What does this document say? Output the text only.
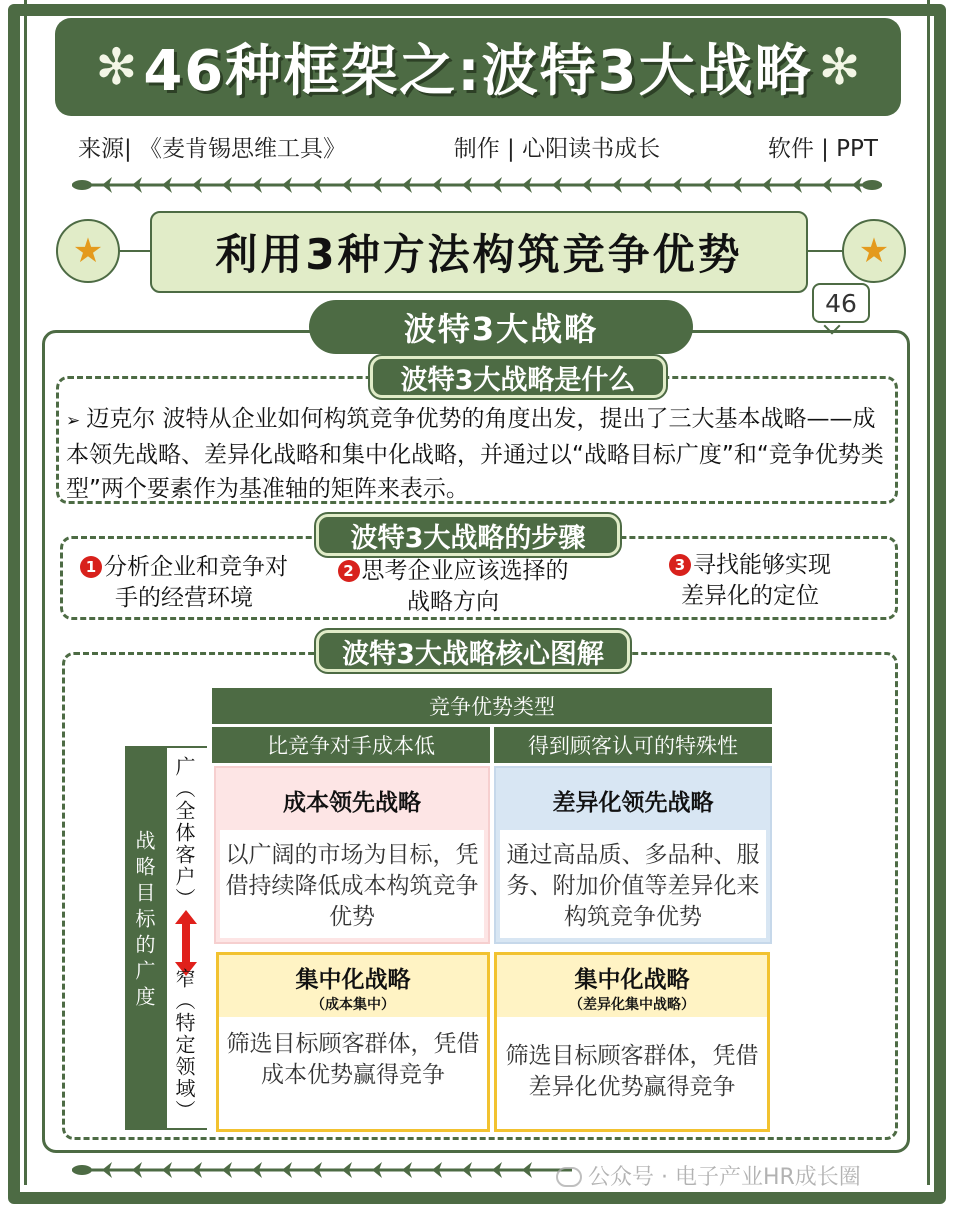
✻ 46种框架之:波特3大战略 ✻
来源| 《麦肯锡思维工具》	制作 | 心阳读书成长	软件 | PPT
★	★
利用3种方法构筑竞争优势
46
波特3大战略
波特3大战略是什么
➢ 迈克尔 波特从企业如何构筑竞争优势的角度出发，提出了三大基本战略——成本领先战略、差异化战略和集中化战略，并通过以“战略目标广度”和“竞争优势类型”两个要素作为基准轴的矩阵来表示。
波特3大战略的步骤
1 分析企业和竞争对
手的经营环境
2 思考企业应该选择的
战略方向
3 寻找能够实现
差异化的定位
波特3大战略核心图解
竞争优势类型
比竞争对手成本低	得到顾客认可的特殊性
战略目标的广度 广（全体客户）
窄（特定领域）
成本领先战略
以广阔的市场为目标，凭借持续降低成本构筑竞争优势
差异化领先战略
通过高品质、多品种、服务、附加价值等差异化来构筑竞争优势
集中化战略
（成本集中）
筛选目标顾客群体，凭借成本优势赢得竞争
集中化战略
（差异化集中战略）
筛选目标顾客群体，凭借差异化优势赢得竞争
公众号 · 电子产业HR成长圈
